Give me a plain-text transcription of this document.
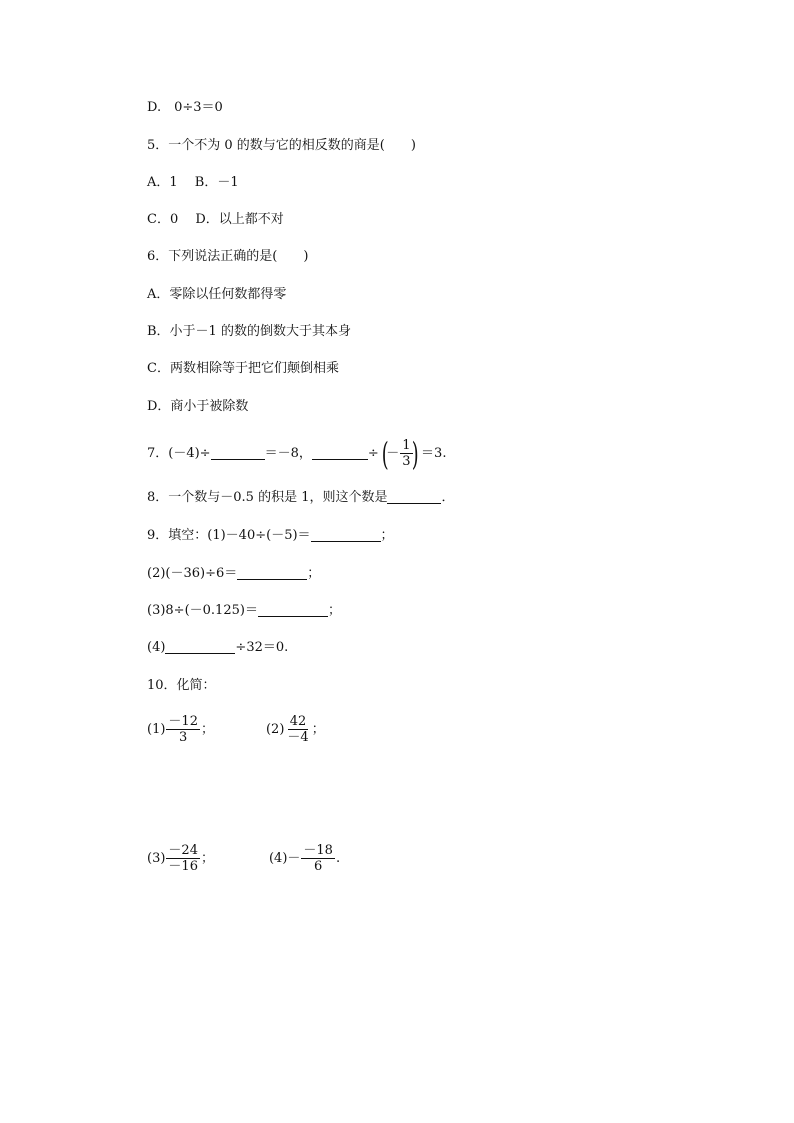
D.　0÷3＝0
5．一个不为 0 的数与它的相反数的商是(　　)
A．1　 B．－1
C．0　 D．以上都不对
6．下列说法正确的是(　　)
A．零除以任何数都得零
B．小于－1 的数的倒数大于其本身
C．两数相除等于把它们颠倒相乘
D．商小于被除数
7．(－4)÷	＝－8，	÷(－ $\frac{1}{3}$
) ＝3.
8．一个数与－0.5 的积是 1，则这个数是	．
9．填空：(1)－40÷(－5)＝	；
(2)(－36)÷6＝	；
(3)8÷(－0.125)＝	；
(4)	÷32＝0.
10．化简：
$(1) \frac{-12}{3}$ ；	$(2) \frac{42}{-4}$ ；
$(3) \frac{-24}{-16}$ ；	$(4)- \frac{-18}{6}$ .
